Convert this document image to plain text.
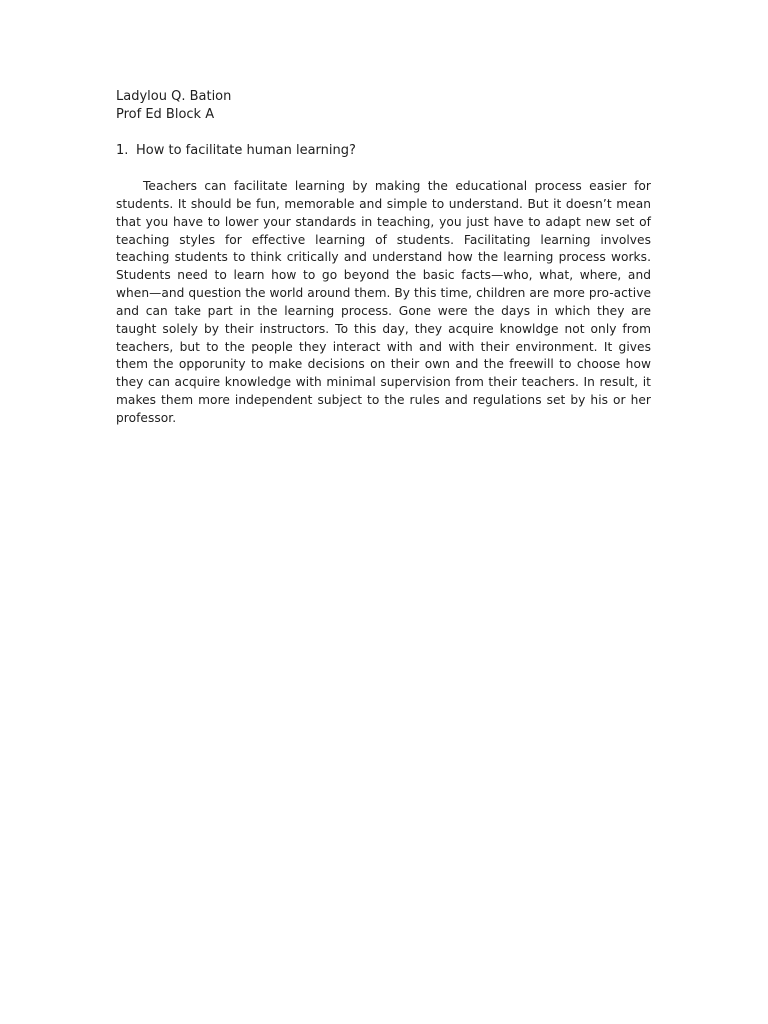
Ladylou Q. Bation

Prof Ed Block A

1. How to facilitate human learning?

Teachers can facilitate learning by making the educational process easier for students. It should be fun, memorable and simple to understand. But it doesn’t mean that you have to lower your standards in teaching, you just have to adapt new set of teaching styles for effective learning of students. Facilitating learning involves teaching students to think critically and understand how the learning process works. Students need to learn how to go beyond the basic facts—who, what, where, and when—and question the world around them. By this time, children are more pro-active and can take part in the learning process. Gone were the days in which they are taught solely by their instructors. To this day, they acquire knowldge not only from teachers, but to the people they interact with and with their environment. It gives them the opporunity to make decisions on their own and the freewill to choose how they can acquire knowledge with minimal supervision from their teachers. In result, it makes them more independent subject to the rules and regulations set by his or her professor.
